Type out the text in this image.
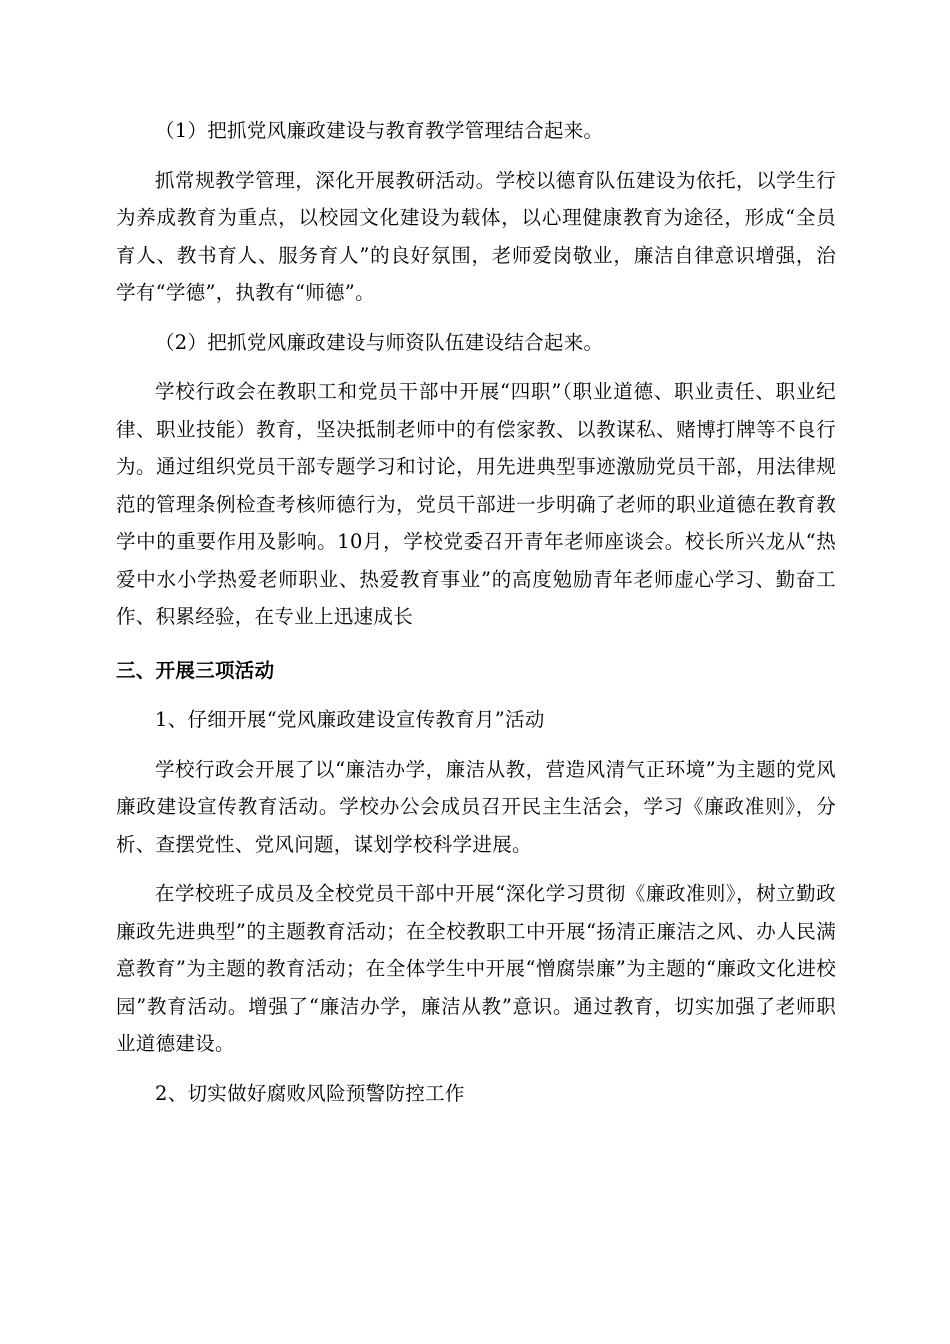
（1）把抓党风廉政建设与教育教学管理结合起来。

抓常规教学管理，深化开展教研活动。学校以德育队伍建设为依托，以学生行为养成教育为重点，以校园文化建设为载体，以心理健康教育为途径，形成“全员育人、教书育人、服务育人”的良好氛围，老师爱岗敬业，廉洁自律意识增强，治学有“学德”，执教有“师德”。

（2）把抓党风廉政建设与师资队伍建设结合起来。

学校行政会在教职工和党员干部中开展“四职”（职业道德、职业责任、职业纪律、职业技能）教育，坚决抵制老师中的有偿家教、以教谋私、赌博打牌等不良行为。通过组织党员干部专题学习和讨论，用先进典型事迹激励党员干部，用法律规范的管理条例检查考核师德行为，党员干部进一步明确了老师的职业道德在教育教学中的重要作用及影响。10月，学校党委召开青年老师座谈会。校长所兴龙从“热爱中水小学热爱老师职业、热爱教育事业”的高度勉励青年老师虚心学习、勤奋工作、积累经验，在专业上迅速成长

三、开展三项活动

1、仔细开展“党风廉政建设宣传教育月”活动

学校行政会开展了以“廉洁办学，廉洁从教，营造风清气正环境”为主题的党风廉政建设宣传教育活动。学校办公会成员召开民主生活会，学习《廉政准则》，分析、查摆党性、党风问题，谋划学校科学进展。

在学校班子成员及全校党员干部中开展“深化学习贯彻《廉政准则》，树立勤政廉政先进典型”的主题教育活动；在全校教职工中开展“扬清正廉洁之风、办人民满意教育”为主题的教育活动；在全体学生中开展“憎腐崇廉”为主题的“廉政文化进校园”教育活动。增强了“廉洁办学，廉洁从教”意识。通过教育，切实加强了老师职业道德建设。

2、切实做好腐败风险预警防控工作
